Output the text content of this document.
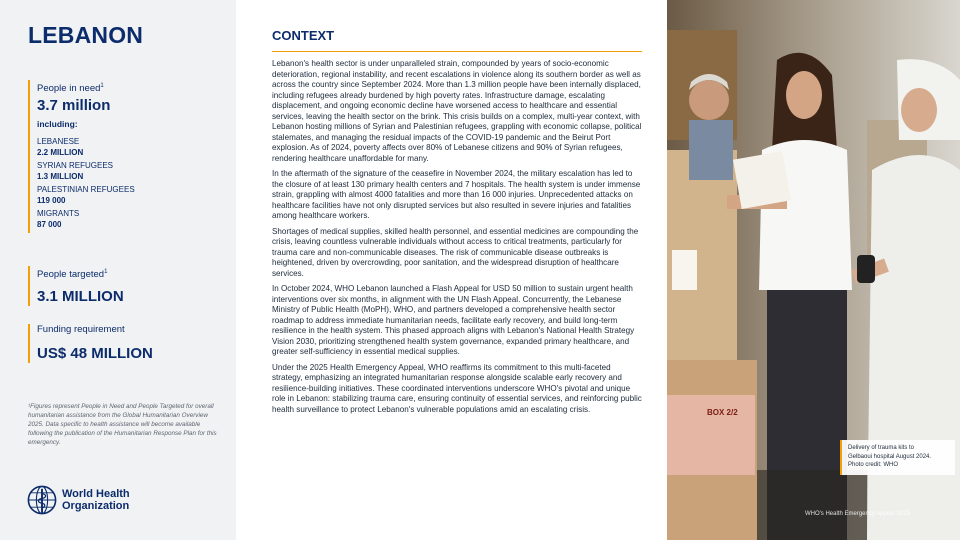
LEBANON
People in need$^1$
3.7 million
including:
LEBANESE
2.2 MILLION
SYRIAN REFUGEES
1.3 MILLION
PALESTINIAN REFUGEES
119 000
MIGRANTS
87 000
People targeted$^1$
3.1 MILLION
Funding requirement
US$ 48 MILLION

¹Figures represent People in Need and People Targeted for overall humanitarian assistance from the Global Humanitarian Overview 2025. Data specific to health assistance will become available following the publication of the Humanitarian Response Plan for this emergency.

World Health
Organization
CONTEXT

Lebanon's health sector is under unparalleled strain, compounded by years of socio-economic deterioration, regional instability, and recent escalations in violence along its southern border as well as across the country since September 2024. More than 1.3 million people have been internally displaced, including refugees already burdened by high poverty rates. Infrastructure damage, escalating displacement, and ongoing economic decline have worsened access to healthcare and essential services, leaving the health sector on the brink. This crisis builds on a complex, multi-year context, with Lebanon hosting millions of Syrian and Palestinian refugees, grappling with economic collapse, political stalemates, and managing the residual impacts of the COVID-19 pandemic and the Beirut Port explosion. As of 2024, poverty affects over 80% of Lebanese citizens and 90% of Syrian refugees, rendering healthcare unaffordable for many.

In the aftermath of the signature of the ceasefire in November 2024, the military escalation has led to the closure of at least 130 primary health centers and 7 hospitals. The health system is under immense strain, grappling with almost 4000 fatalities and more than 16 000 injuries. Unprecedented attacks on healthcare facilities have not only disrupted services but also resulted in severe injuries and fatalities among healthcare workers.

Shortages of medical supplies, skilled health personnel, and essential medicines are compounding the crisis, leaving countless vulnerable individuals without access to critical treatments, particularly for trauma care and non-communicable diseases. The risk of communicable disease outbreaks is heightened, driven by overcrowding, poor sanitation, and the widespread disruption of healthcare services.

In October 2024, WHO Lebanon launched a Flash Appeal for USD 50 million to sustain urgent health interventions over six months, in alignment with the UN Flash Appeal. Concurrently, the Lebanese Ministry of Public Health (MoPH), WHO, and partners developed a comprehensive health sector roadmap to address immediate humanitarian needs, facilitate early recovery, and build long-term resilience in the health system. This phased approach aligns with Lebanon's National Health Strategy Vision 2030, prioritizing strengthened health system governance, expanded primary healthcare, and greater self-sufficiency in essential medical supplies.

Under the 2025 Health Emergency Appeal, WHO reaffirms its commitment to this multi-faceted strategy, emphasizing an integrated humanitarian response alongside scalable early recovery and resilience-building initiatives. These coordinated interventions underscore WHO's pivotal and unique role in Lebanon: stabilizing trauma care, ensuring continuity of essential services, and reinforcing public health surveillance to protect Lebanon's vulnerable populations amid an escalating crisis.	BOX 2/2
Delivery of trauma kits to
Gelbaoui hospital August 2024.
Photo credit: WHO
WHO's Health Emergency Appeal 2025
